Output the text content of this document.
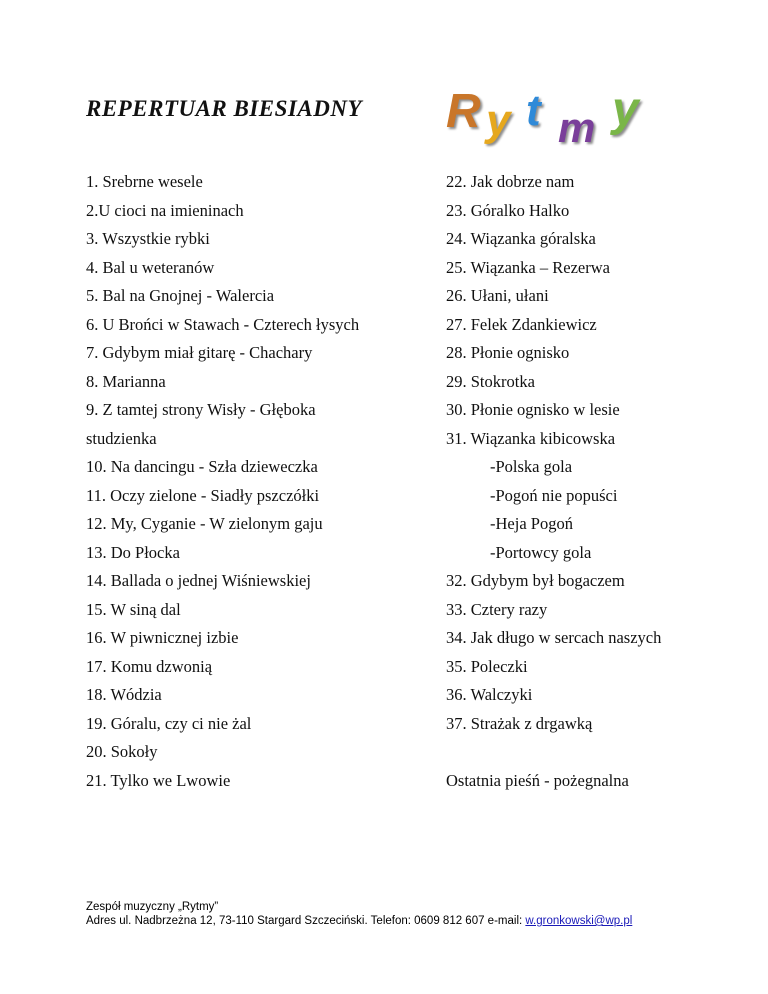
REPERTUAR BIESIADNY R y t m y
1. Srebrne wesele
2.U cioci na imieninach
3. Wszystkie rybki
4. Bal u weteranów
5. Bal na Gnojnej - Walercia
6. U Brońci w Stawach - Czterech łysych
7. Gdybym miał gitarę - Chachary
8. Marianna
9. Z tamtej strony Wisły - Głęboka
studzienka
10. Na dancingu - Szła dzieweczka
11. Oczy zielone - Siadły pszczółki
12. My, Cyganie - W zielonym gaju
13. Do Płocka
14. Ballada o jednej Wiśniewskiej
15. W siną dal
16. W piwnicznej izbie
17. Komu dzwonią
18. Wódzia
19. Góralu, czy ci nie żal
20. Sokoły
21. Tylko we Lwowie
22. Jak dobrze nam
23. Góralko Halko
24. Wiązanka góralska
25. Wiązanka – Rezerwa
26. Ułani, ułani
27. Felek Zdankiewicz
28. Płonie ognisko
29. Stokrotka
30. Płonie ognisko w lesie
31. Wiązanka kibicowska
-Polska gola
-Pogoń nie popuści
-Heja Pogoń
-Portowcy gola
32. Gdybym był bogaczem
33. Cztery razy
34. Jak długo w sercach naszych
35. Poleczki
36. Walczyki
37. Strażak z drgawką
Ostatnia pieśń - pożegnalna
Zespół muzyczny „Rytmy”
Adres ul. Nadbrzeżna 12, 73-110 Stargard Szczeciński. Telefon: 0609 812 607 e-mail: w.gronkowski@wp.pl
